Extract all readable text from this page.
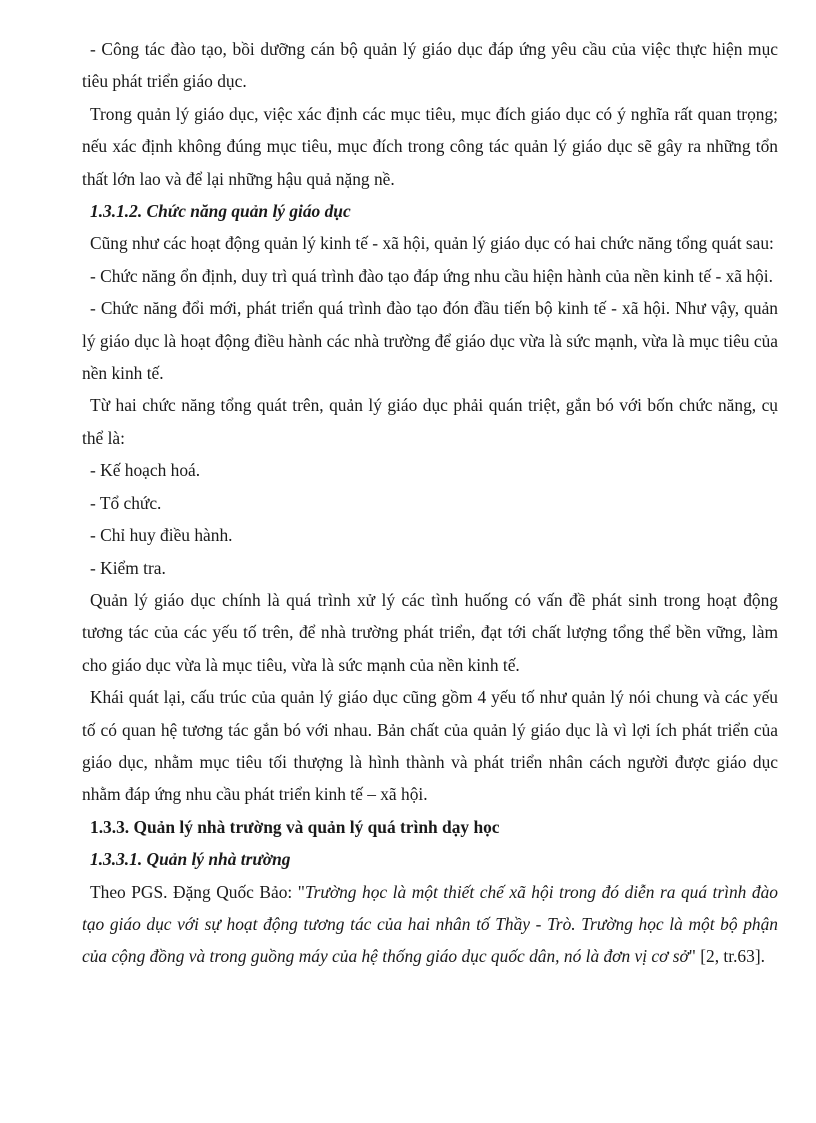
- Công tác đào tạo, bồi dưỡng cán bộ quản lý giáo dục đáp ứng yêu cầu của việc thực hiện mục tiêu phát triển giáo dục.

Trong quản lý giáo dục, việc xác định các mục tiêu, mục đích giáo dục có ý nghĩa rất quan trọng; nếu xác định không đúng mục tiêu, mục đích trong công tác quản lý giáo dục sẽ gây ra những tổn thất lớn lao và để lại những hậu quả nặng nề.

1.3.1.2. Chức năng quản lý giáo dục

Cũng như các hoạt động quản lý kinh tế - xã hội, quản lý giáo dục có hai chức năng tổng quát sau:

- Chức năng ổn định, duy trì quá trình đào tạo đáp ứng nhu cầu hiện hành của nền kinh tế - xã hội.

- Chức năng đổi mới, phát triển quá trình đào tạo đón đầu tiến bộ kinh tế - xã hội. Như vậy, quản lý giáo dục là hoạt động điều hành các nhà trường để giáo dục vừa là sức mạnh, vừa là mục tiêu của nền kinh tế.

Từ hai chức năng tổng quát trên, quản lý giáo dục phải quán triệt, gắn bó với bốn chức năng, cụ thể là:

- Kế hoạch hoá.

- Tổ chức.

- Chỉ huy điều hành.

- Kiểm tra.

Quản lý giáo dục chính là quá trình xử lý các tình huống có vấn đề phát sinh trong hoạt động tương tác của các yếu tố trên, để nhà trường phát triển, đạt tới chất lượng tổng thể bền vững, làm cho giáo dục vừa là mục tiêu, vừa là sức mạnh của nền kinh tế.

Khái quát lại, cấu trúc của quản lý giáo dục cũng gồm 4 yếu tố như quản lý nói chung và các yếu tố có quan hệ tương tác gắn bó với nhau. Bản chất của quản lý giáo dục là vì lợi ích phát triển của giáo dục, nhằm mục tiêu tối thượng là hình thành và phát triển nhân cách người được giáo dục nhằm đáp ứng nhu cầu phát triển kinh tế – xã hội.

1.3.3. Quản lý nhà trường và quản lý quá trình dạy học

1.3.3.1. Quản lý nhà trường

Theo PGS. Đặng Quốc Bảo: "Trường học là một thiết chế xã hội trong đó diễn ra quá trình đào tạo giáo dục với sự hoạt động tương tác của hai nhân tố Thầy - Trò. Trường học là một bộ phận của cộng đồng và trong guồng máy của hệ thống giáo dục quốc dân, nó là đơn vị cơ sở" [2, tr.63].
